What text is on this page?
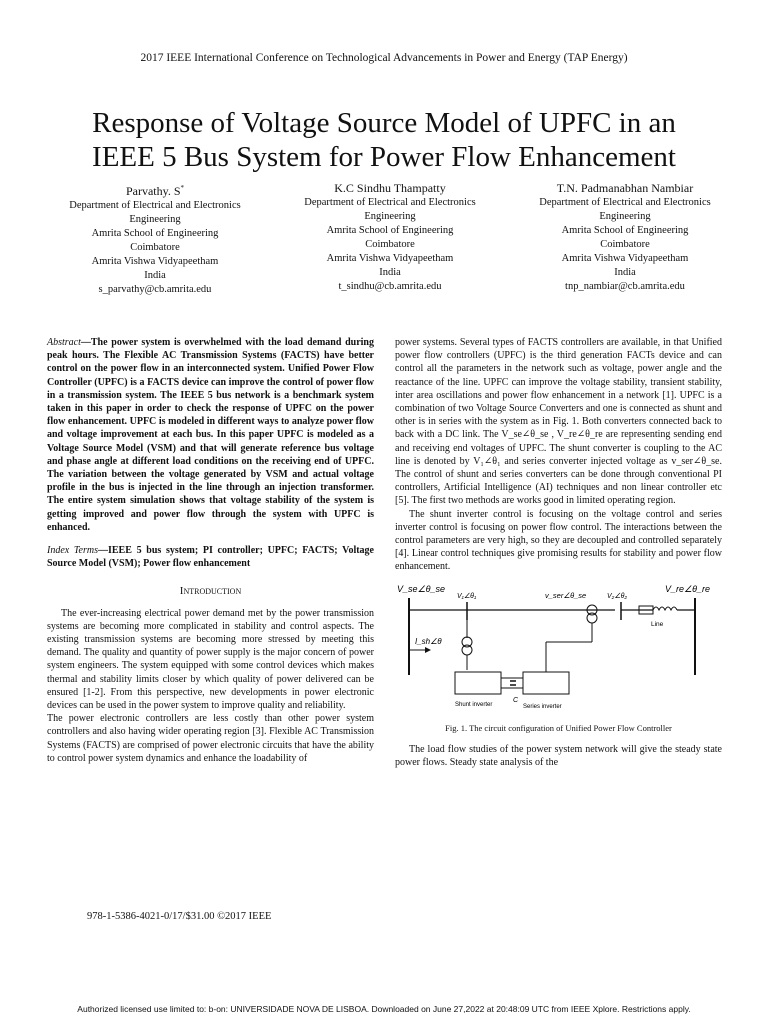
2017 IEEE International Conference on Technological Advancements in Power and Energy (TAP Energy)
Response of Voltage Source Model of UPFC in an
IEEE 5 Bus System for Power Flow Enhancement
Parvathy. S*
Department of Electrical and Electronics Engineering
Amrita School of Engineering
Coimbatore
Amrita Vishwa Vidyapeetham
India
s_parvathy@cb.amrita.edu
K.C Sindhu Thampatty
Department of Electrical and Electronics Engineering
Amrita School of Engineering
Coimbatore
Amrita Vishwa Vidyapeetham
India
t_sindhu@cb.amrita.edu
T.N. Padmanabhan Nambiar
Department of Electrical and Electronics Engineering
Amrita School of Engineering
Coimbatore
Amrita Vishwa Vidyapeetham
India
tnp_nambiar@cb.amrita.edu

Abstract—The power system is overwhelmed with the load demand during peak hours. The Flexible AC Transmission Systems (FACTS) have better control on the power flow in an interconnected system. Unified Power Flow Controller (UPFC) is a FACTS device can improve the control of power flow in a transmission system. The IEEE 5 bus network is a benchmark system taken in this paper in order to check the response of UPFC on the power flow enhancement. UPFC is modeled in different ways to analyze power flow and voltage improvement at each bus. In this paper UPFC is modeled as a Voltage Source Model (VSM) and that will generate reference bus voltage and phase angle at different load conditions on the receiving end of UPFC. The variation between the voltage generated by VSM and actual voltage profile in the bus is injected in the line through an injection transformer. The entire system simulation shows that voltage stability of the system is getting improved and power flow through the system with UPFC is enhanced.

Index Terms—IEEE 5 bus system; PI controller; UPFC; FACTS; Voltage Source Model (VSM); Power flow enhancement

Introduction

The ever-increasing electrical power demand met by the power transmission systems are becoming more complicated in stability and control aspects. The existing transmission systems are becoming more stressed by meeting this demand. The quality and quantity of power supply is the major concern of power system engineers. The system equipped with some control devices which makes thermal and stability limits closer by which quality of power delivered can be ensured [1-2]. From this perspective, new developments in power electronic devices can be used in the power system to improve quality and reliability.

The power electronic controllers are less costly than other power system controllers and also having wider operating region [3]. Flexible AC Transmission Systems (FACTS) are comprised of power electronic circuits that have the ability to control power system dynamics and enhance the loadability of

power systems. Several types of FACTS controllers are available, in that Unified power flow controllers (UPFC) is the third generation FACTs device and can control all the parameters in the network such as voltage, power angle and the reactance of the line. UPFC can improve the voltage stability, transient stability, inter area oscillations and power flow enhancement in a network [1]. UPFC is a combination of two Voltage Source Converters and one is connected as shunt and other is in series with the system as in Fig. 1. Both converters connected back to back with a DC link. The V_se∠θ_se , V_re∠θ_re are representing sending end and receiving end voltages of UPFC. The shunt converter is coupling to the AC line is denoted by V₁∠θ₁ and series converter injected voltage as v_ser∠θ_se. The control of shunt and series converters can be done through conventional PI controllers, Artificial Intelligence (AI) techniques and non linear controller etc [5]. The first two methods are works good in limited operating region.

The shunt inverter control is focusing on the voltage control and series inverter control is focusing on power flow control. The interactions between the control parameters are very high, so they are decoupled and controlled separately [4]. Linear control techniques give promising results for stability and power flow enhancement.

V_se∠θ_se	V_re∠θ_re
V₁∠θ₁	V₂∠θ₂
v_ser∠θ_se
I_sh∠θ
Line
C
Shunt inverter	Series inverter

Fig. 1. The circuit configuration of Unified Power Flow Controller

The load flow studies of the power system network will give the steady state power flows. Steady state analysis of the

978-1-5386-4021-0/17/$31.00 ©2017 IEEE
Authorized licensed use limited to: b-on: UNIVERSIDADE NOVA DE LISBOA. Downloaded on June 27,2022 at 20:48:09 UTC from IEEE Xplore. Restrictions apply.
